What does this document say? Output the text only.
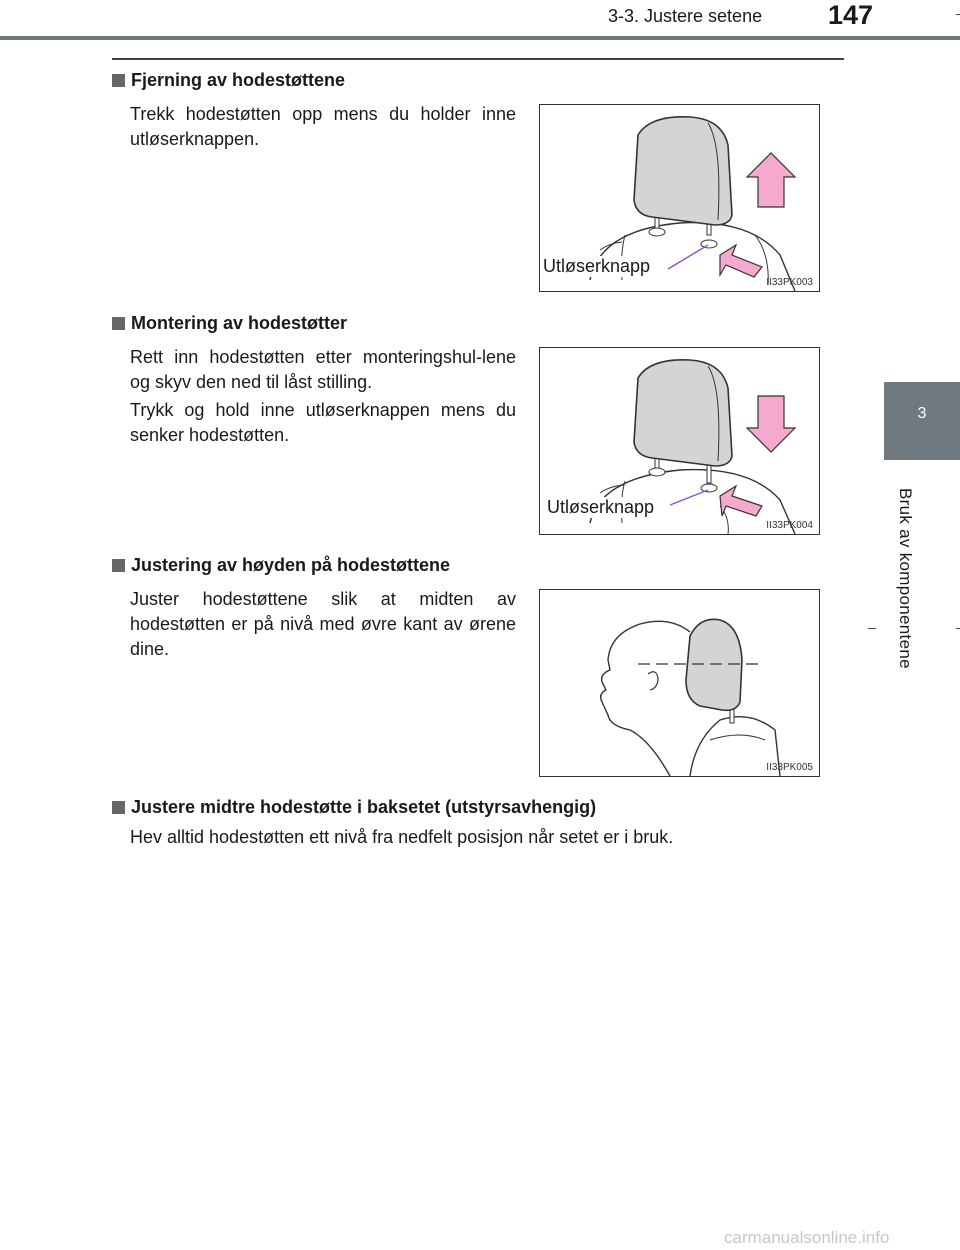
3-3. Justere setene 147
3
Bruk av komponentene
Fjerning av hodestøttene
Trekk hodestøtten opp mens du holder inne utløserknappen.
Utløserknapp
II33PK003
Montering av hodestøtter
Rett inn hodestøtten etter monteringshul-lene og skyv den ned til låst stilling.
Trykk og hold inne utløserknappen mens du senker hodestøtten.
Utløserknapp
II33PK004
Justering av høyden på hodestøttene
Juster hodestøttene slik at midten av hodestøtten er på nivå med øvre kant av ørene dine.
II33PK005
Justere midtre hodestøtte i baksetet (utstyrsavhengig)
Hev alltid hodestøtten ett nivå fra nedfelt posisjon når setet er i bruk.
carmanualsonline.info
